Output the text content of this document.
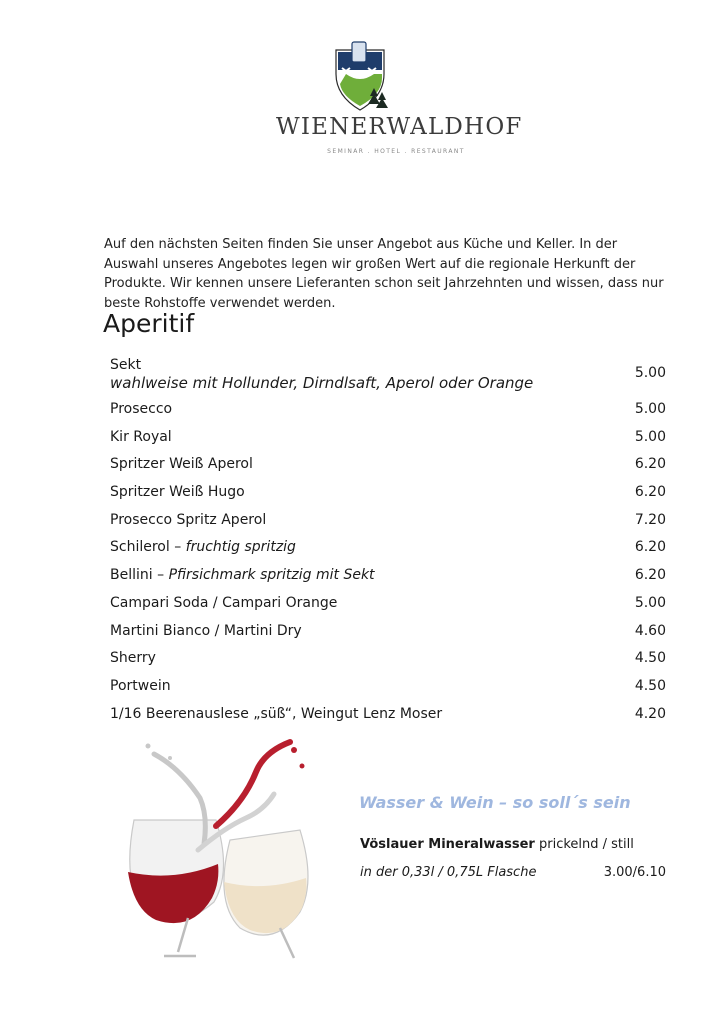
WIENERWALDHOF
SEMINAR . HOTEL . RESTAURANT

Auf den nächsten Seiten finden Sie unser Angebot aus Küche und Keller. In der Auswahl unseres Angebotes legen wir großen Wert auf die regionale Herkunft der Produkte. Wir kennen unsere Lieferanten schon seit Jahrzehnten und wissen, dass nur beste Rohstoffe verwendet werden.

Aperitif
Sekt
wahlweise mit Hollunder, Dirndlsaft, Aperol oder Orange
5.00
Prosecco	5.00
Kir Royal	5.00
Spritzer Weiß Aperol	6.20
Spritzer Weiß Hugo	6.20
Prosecco Spritz Aperol	7.20
Schilerol – fruchtig spritzig	6.20
Bellini – Pfirsichmark spritzig mit Sekt	6.20
Campari Soda / Campari Orange	5.00
Martini Bianco / Martini Dry	4.60
Sherry	4.50
Portwein	4.50
1/16 Beerenauslese „süß“, Weingut Lenz Moser	4.20
Wasser & Wein – so soll´s sein
Vöslauer Mineralwasser prickelnd / still
in der 0,33l / 0,75L Flasche	3.00/6.10
